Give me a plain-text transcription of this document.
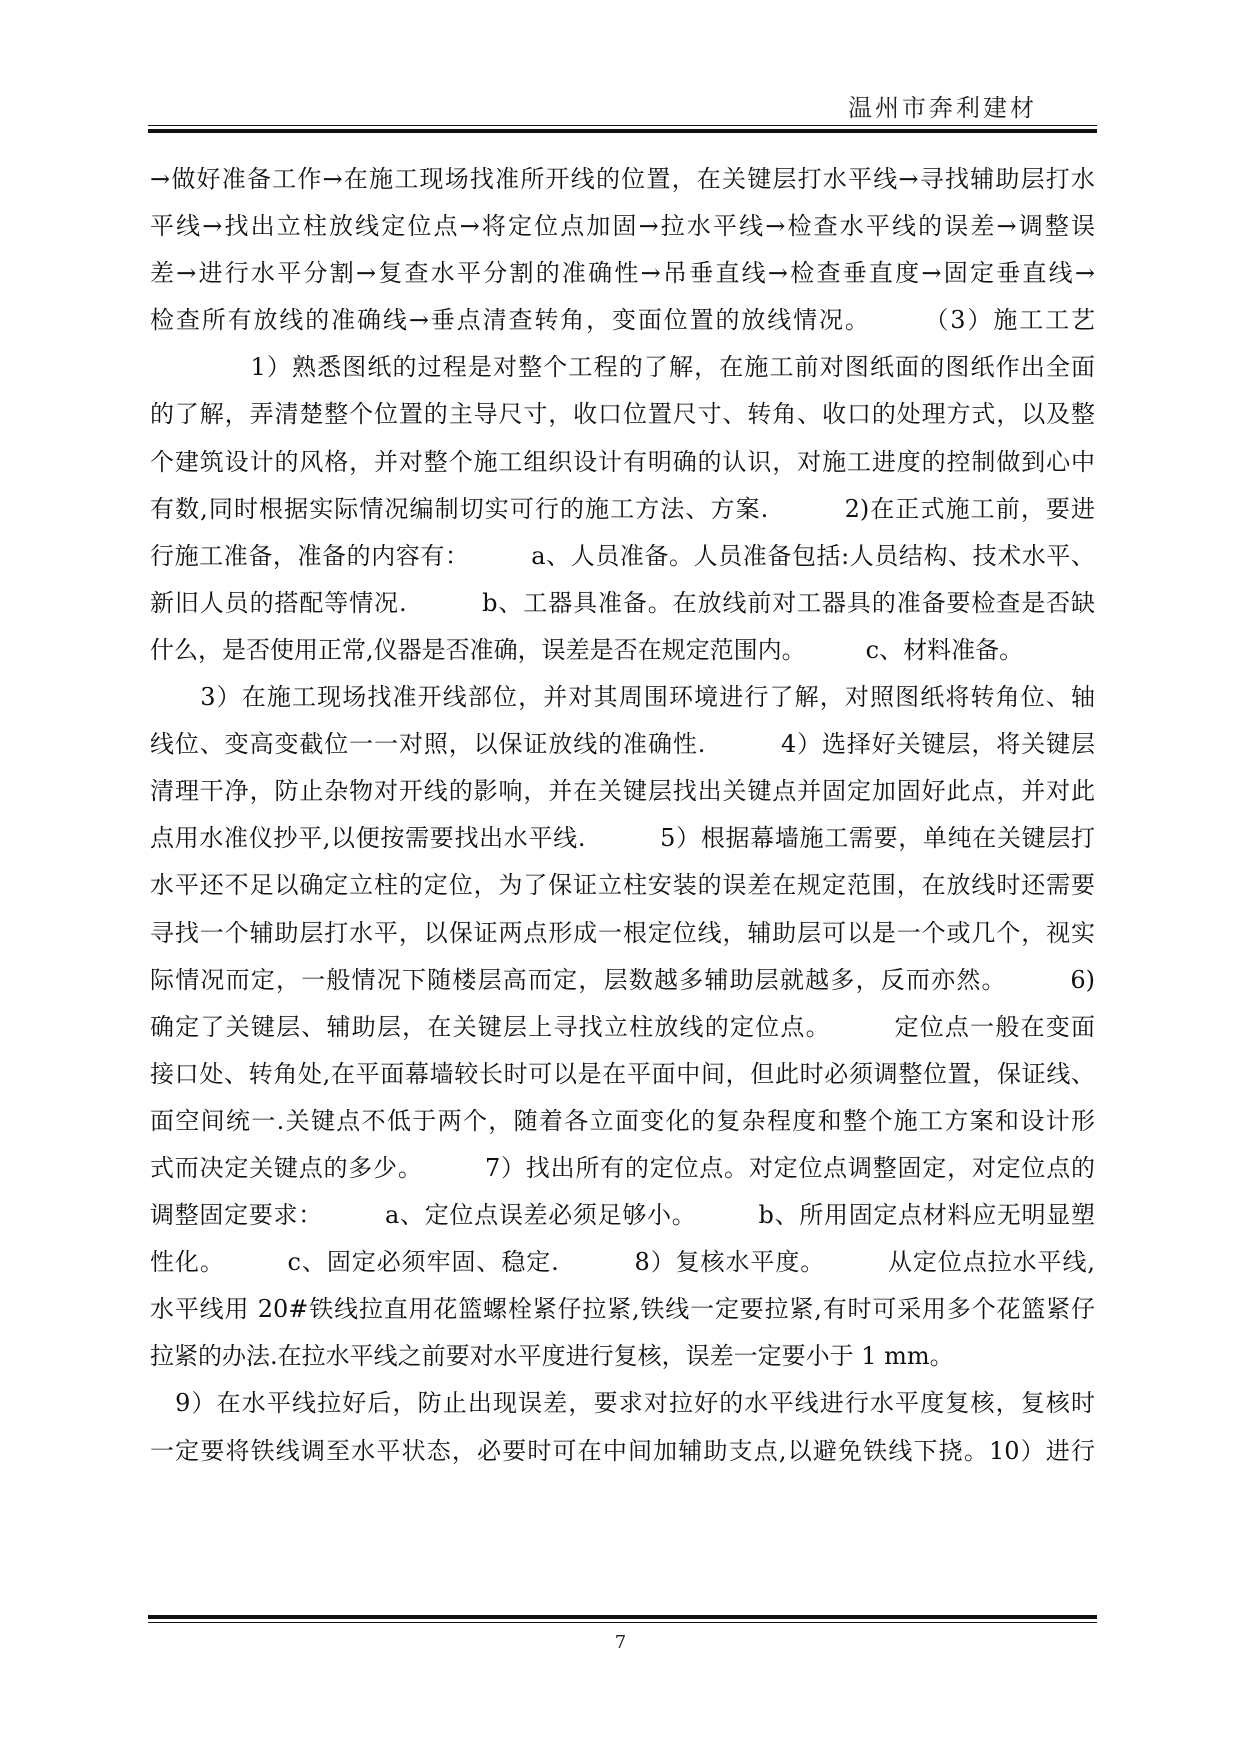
温州市奔利建材
→做好准备工作→在施工现场找准所开线的位置，在关键层打水平线→寻找辅助层打水
平线→找出立柱放线定位点→将定位点加固→拉水平线→检查水平线的误差→调整误
差→进行水平分割→复查水平分割的准确性→吊垂直线→检查垂直度→固定垂直线→
检查所有放线的准确线→垂点清查转角，变面位置的放线情况。　　　（3）施工工艺
　　　　1）熟悉图纸的过程是对整个工程的了解，在施工前对图纸面的图纸作出全面
的了解，弄清楚整个位置的主导尺寸，收口位置尺寸、转角、收口的处理方式，以及整
个建筑设计的风格，并对整个施工组织设计有明确的认识，对施工进度的控制做到心中
有数,同时根据实际情况编制切实可行的施工方法、方案.　　　2)在正式施工前，要进
行施工准备，准备的内容有：　　　a、人员准备。人员准备包括:人员结构、技术水平、
新旧人员的搭配等情况.　　　b、工器具准备。在放线前对工器具的准备要检查是否缺
什么，是否使用正常,仪器是否准确，误差是否在规定范围内。　　　c、材料准备。
　　3）在施工现场找准开线部位，并对其周围环境进行了解，对照图纸将转角位、轴
线位、变高变截位一一对照，以保证放线的准确性.　　　4）选择好关键层，将关键层
清理干净，防止杂物对开线的影响，并在关键层找出关键点并固定加固好此点，并对此
点用水准仪抄平,以便按需要找出水平线.　　　5）根据幕墙施工需要，单纯在关键层打
水平还不足以确定立柱的定位，为了保证立柱安装的误差在规定范围，在放线时还需要
寻找一个辅助层打水平，以保证两点形成一根定位线，辅助层可以是一个或几个，视实
际情况而定，一般情况下随楼层高而定，层数越多辅助层就越多，反而亦然。　　　6)
确定了关键层、辅助层，在关键层上寻找立柱放线的定位点。　　　定位点一般在变面
接口处、转角处,在平面幕墙较长时可以是在平面中间，但此时必须调整位置，保证线、
面空间统一.关键点不低于两个，随着各立面变化的复杂程度和整个施工方案和设计形
式而决定关键点的多少。　　　7）找出所有的定位点。对定位点调整固定，对定位点的
调整固定要求：　　　a、定位点误差必须足够小。　　　b、所用固定点材料应无明显塑
性化。　　　c、固定必须牢固、稳定.　　　8）复核水平度。　　　从定位点拉水平线,
水平线用 20#铁线拉直用花篮螺栓紧仔拉紧,铁线一定要拉紧,有时可采用多个花篮紧仔
拉紧的办法.在拉水平线之前要对水平度进行复核，误差一定要小于 1 mm。
　9）在水平线拉好后，防止出现误差，要求对拉好的水平线进行水平度复核，复核时
一定要将铁线调至水平状态，必要时可在中间加辅助支点,以避免铁线下挠。10）进行
7
